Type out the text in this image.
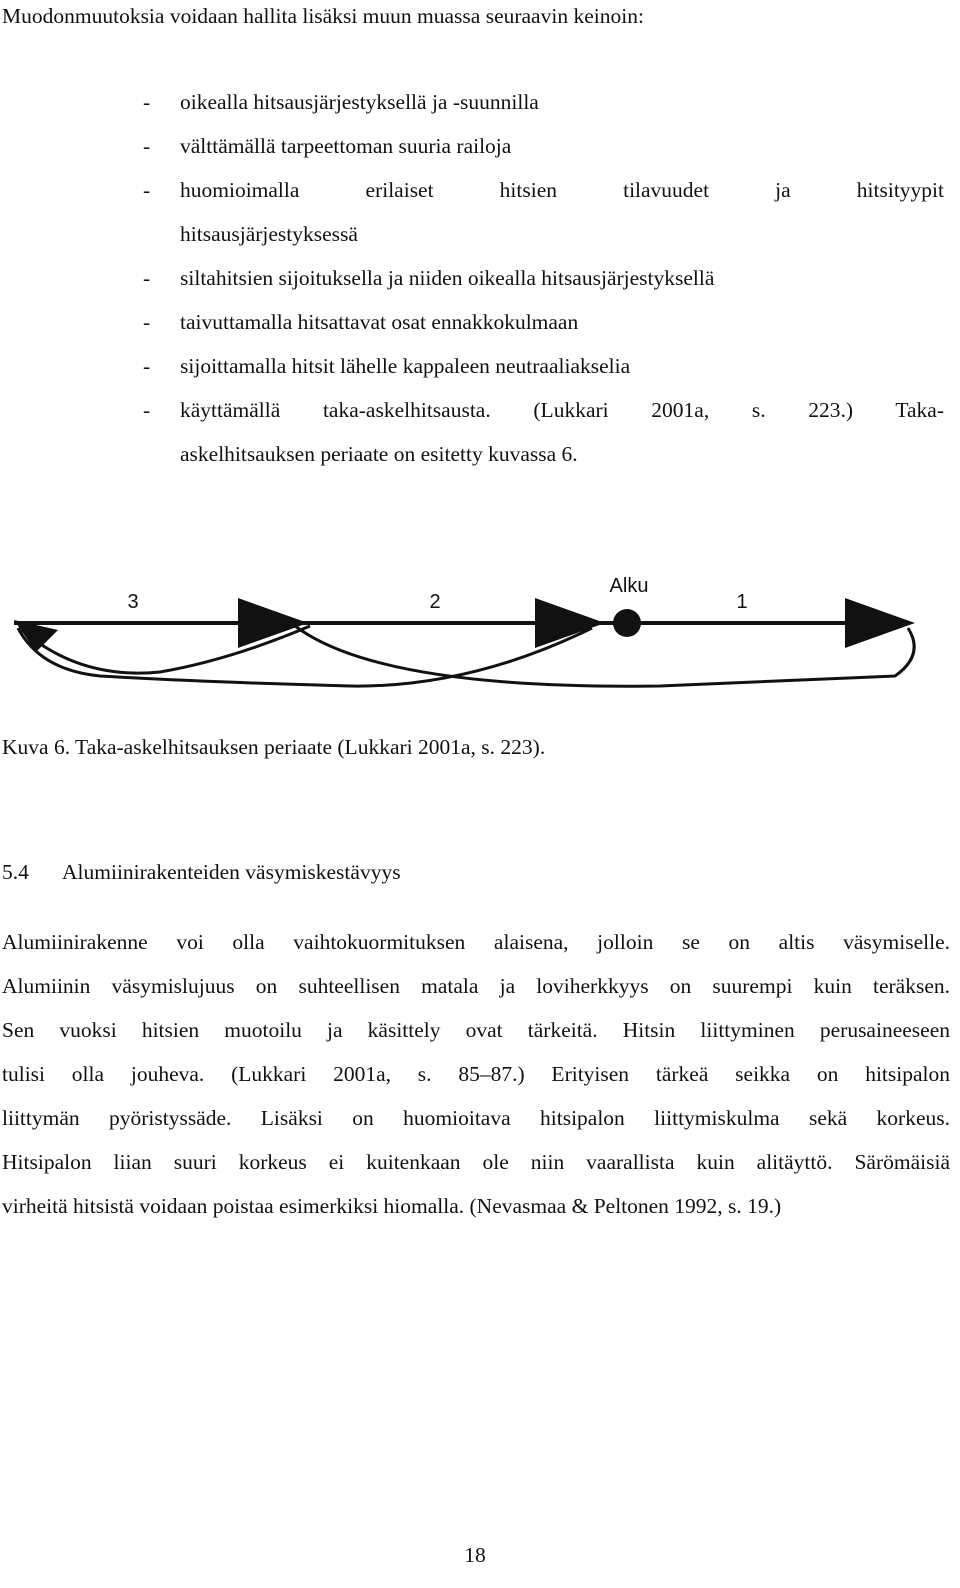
Muodonmuutoksia voidaan hallita lisäksi muun muassa seuraavin keinoin:
- oikealla hitsausjärjestyksellä ja -suunnilla
- välttämällä tarpeettoman suuria railoja
- huomioimalla erilaiset hitsien tilavuudet ja hitsityypit
hitsausjärjestyksessä
- siltahitsien sijoituksella ja niiden oikealla hitsausjärjestyksellä
- taivuttamalla hitsattavat osat ennakkokulmaan
- sijoittamalla hitsit lähelle kappaleen neutraaliakselia
- käyttämällä taka-askelhitsausta. (Lukkari 2001a, s. 223.) Taka-
askelhitsauksen periaate on esitetty kuvassa 6.
3	2
Alku
1
Kuva 6. Taka-askelhitsauksen periaate (Lukkari 2001a, s. 223).
5.4 Alumiinirakenteiden väsymiskestävyys
Alumiinirakenne voi olla vaihtokuormituksen alaisena, jolloin se on altis väsymiselle.
Alumiinin väsymislujuus on suhteellisen matala ja loviherkkyys on suurempi kuin teräksen.
Sen vuoksi hitsien muotoilu ja käsittely ovat tärkeitä. Hitsin liittyminen perusaineeseen
tulisi olla jouheva. (Lukkari 2001a, s. 85–87.) Erityisen tärkeä seikka on hitsipalon
liittymän pyöristyssäde. Lisäksi on huomioitava hitsipalon liittymiskulma sekä korkeus.
Hitsipalon liian suuri korkeus ei kuitenkaan ole niin vaarallista kuin alitäyttö. Särömäisiä
virheitä hitsistä voidaan poistaa esimerkiksi hiomalla. (Nevasmaa & Peltonen 1992, s. 19.)
18
